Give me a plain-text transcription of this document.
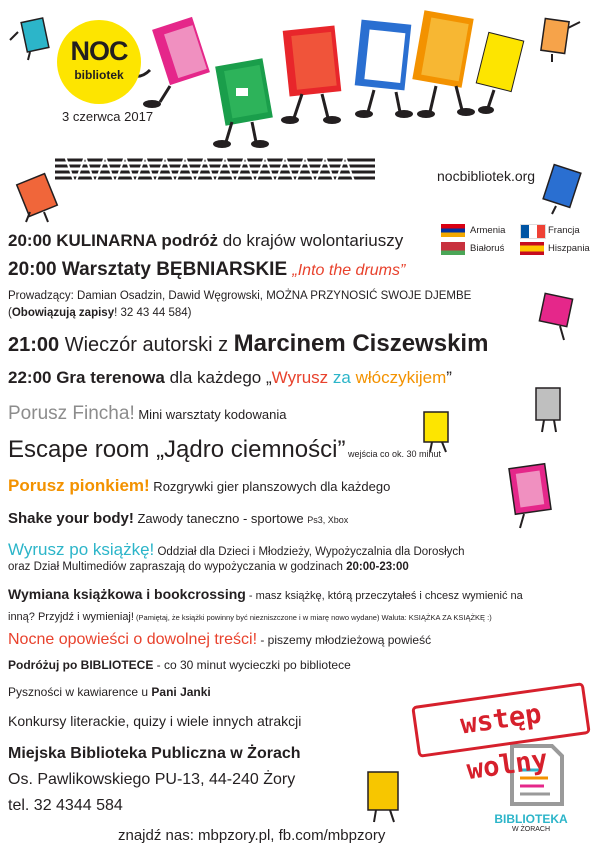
NOC
bibliotek
3 czerwca 2017
nocbibliotek.org
Armenia	Francja
Białoruś	Hiszpania
20:00 KULINARNA podróż do krajów wolontariuszy
20:00 Warsztaty BĘBNIARSKIE „Into the drums”
Prowadzący: Damian Osadzin, Dawid Węgrowski, MOŻNA PRZYNOSIĆ SWOJE DJEMBE
(Obowiązują zapisy! 32 43 44 584)
21:00 Wieczór autorski z Marcinem Ciszewskim
22:00 Gra terenowa dla każdego „Wyrusz za włóczykijem”
Porusz Fincha! Mini warsztaty kodowania
Escape room „Jądro ciemności” wejścia co ok. 30 minut
Porusz pionkiem! Rozgrywki gier planszowych dla każdego
Shake your body! Zawody taneczno - sportowe Ps3, Xbox
Wyrusz po książkę! Oddział dla Dzieci i Młodzieży, Wypożyczalnia dla Dorosłych
oraz Dział Multimediów zapraszają do wypożyczania w godzinach 20:00-23:00
Wymiana książkowa i bookcrossing - masz książkę, którą przeczytałeś i chcesz wymienić na
inną? Przyjdź i wymieniaj! (Pamiętaj, że książki powinny być niezniszczone i w miarę nowo wydane) Waluta: KSIĄŻKA ZA KSIĄŻKĘ :)
Nocne opowieści o dowolnej treści! - piszemy młodzieżową powieść
Podróżuj po BIBLIOTECE - co 30 minut wycieczki po bibliotece
Pyszności w kawiarence u Pani Janki
Konkursy literackie, quizy i wiele innych atrakcji	wstęp wolny
Miejska Biblioteka Publiczna w Żorach
Os. Pawlikowskiego PU-13, 44-240 Żory
tel. 32 4344 584
znajdź nas: mbpzory.pl, fb.com/mbpzory
BIBLIOTEKA
W ŻORACH
